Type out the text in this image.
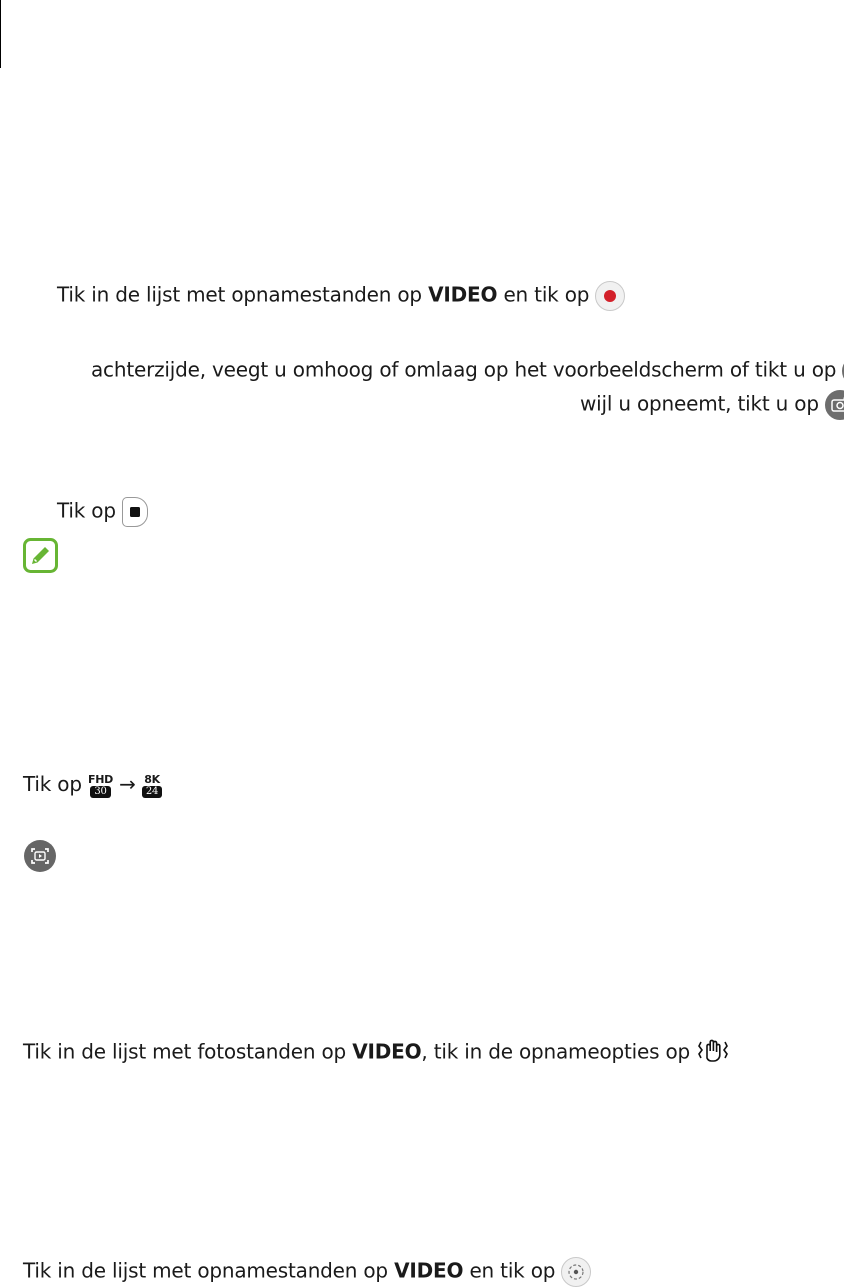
Tik in de lijst met opnamestanden op VIDEO en tik op
achterzijde, veegt u omhoog of omlaag op het voorbeeldscherm of tikt u op
wijl u opneemt, tikt u op
Tik op
Tik op FHD
30 → 8K
24
Tik in de lijst met fotostanden op VIDEO, tik in de opnameopties op
Tik in de lijst met opnamestanden op VIDEO en tik op
